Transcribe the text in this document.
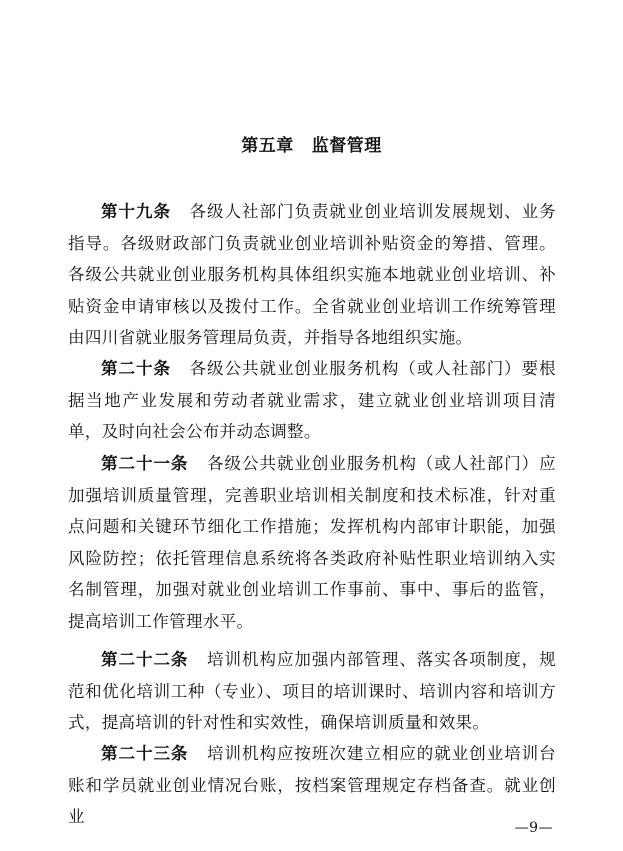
第五章 监督管理

第十九条 各级人社部门负责就业创业培训发展规划、业务指导。各级财政部门负责就业创业培训补贴资金的筹措、管理。各级公共就业创业服务机构具体组织实施本地就业创业培训、补贴资金申请审核以及拨付工作。全省就业创业培训工作统筹管理由四川省就业服务管理局负责，并指导各地组织实施。

第二十条 各级公共就业创业服务机构（或人社部门）要根据当地产业发展和劳动者就业需求，建立就业创业培训项目清单，及时向社会公布并动态调整。

第二十一条 各级公共就业创业服务机构（或人社部门）应加强培训质量管理，完善职业培训相关制度和技术标准，针对重点问题和关键环节细化工作措施；发挥机构内部审计职能，加强风险防控；依托管理信息系统将各类政府补贴性职业培训纳入实名制管理，加强对就业创业培训工作事前、事中、事后的监管，提高培训工作管理水平。

第二十二条 培训机构应加强内部管理、落实各项制度，规范和优化培训工种（专业）、项目的培训课时、培训内容和培训方式，提高培训的针对性和实效性，确保培训质量和效果。

第二十三条 培训机构应按班次建立相应的就业创业培训台账和学员就业创业情况台账，按档案管理规定存档备查。就业创业

—9—
